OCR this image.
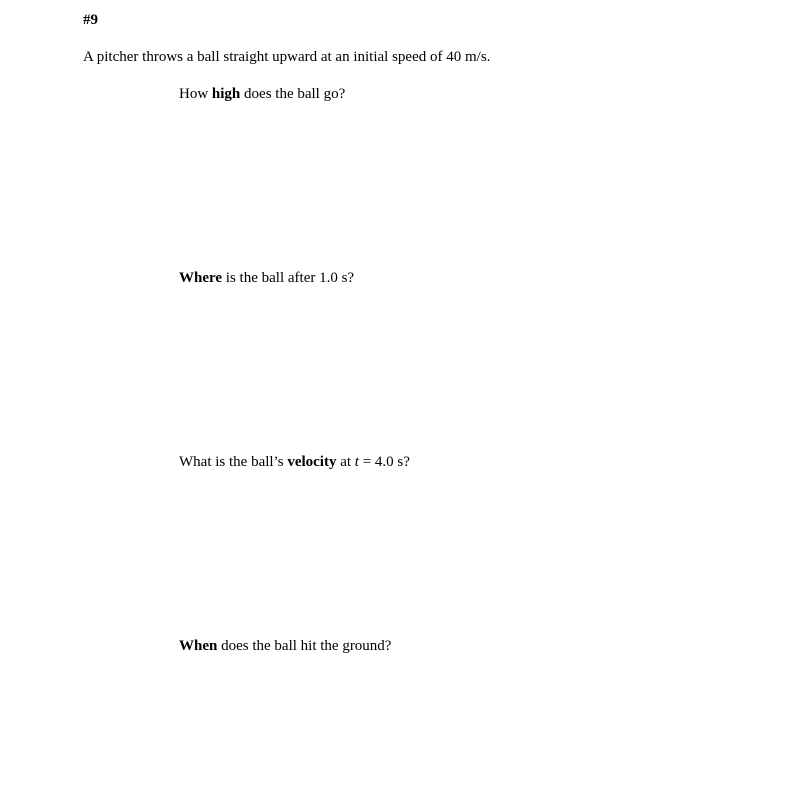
#9
A pitcher throws a ball straight upward at an initial speed of 40 m/s.
How high does the ball go?
Where is the ball after 1.0 s?
What is the ball’s velocity at t = 4.0 s?
When does the ball hit the ground?
